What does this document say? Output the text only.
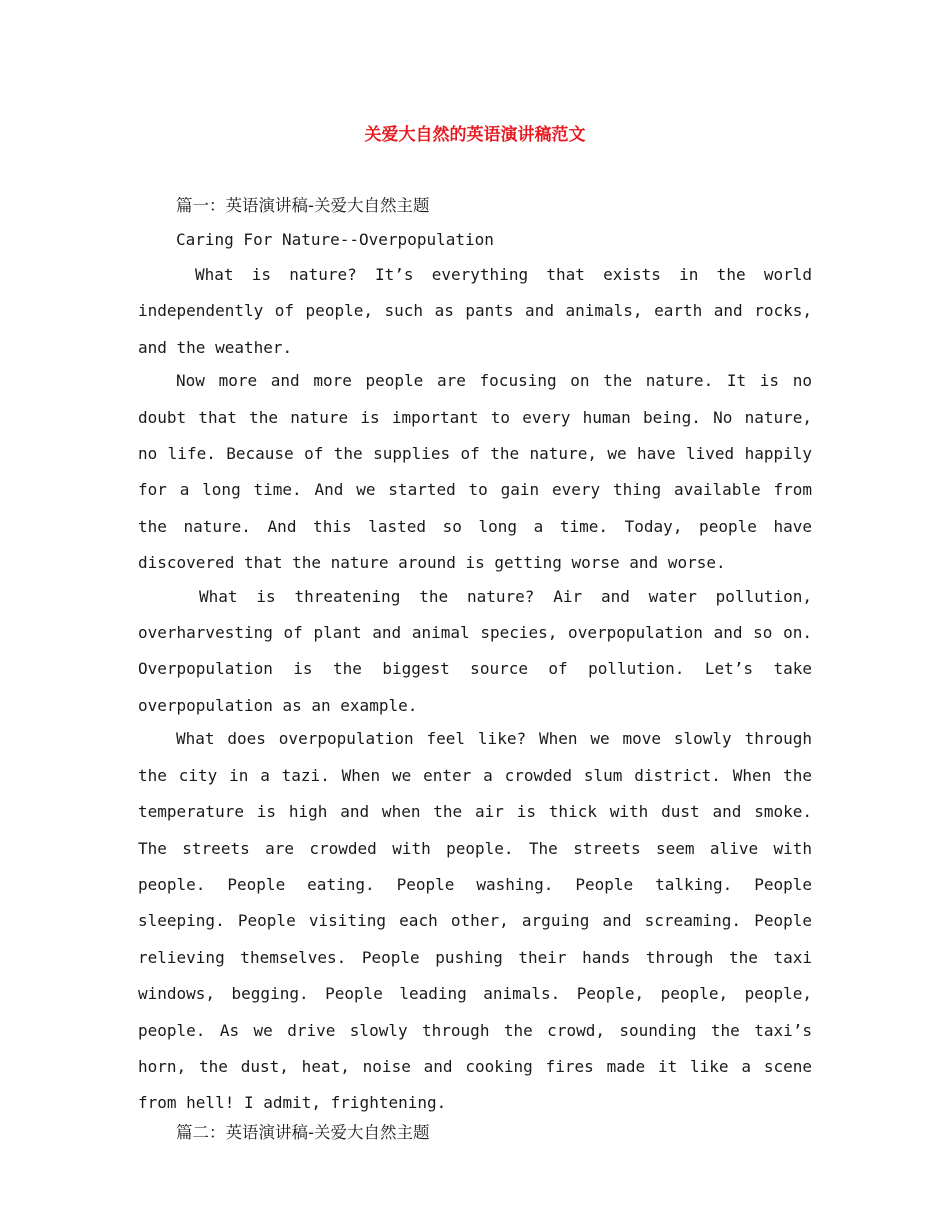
关爱大自然的英语演讲稿范文

篇一：英语演讲稿-关爱大自然主题

Caring For Nature--Overpopulation

What is nature? It’s everything that exists in the world independently of people, such as pants and animals, earth and rocks, and the weather.

Now more and more people are focusing on the nature. It is no doubt that the nature is important to every human being. No nature, no life. Because of the supplies of the nature, we have lived happily for a long time. And we started to gain every thing available from the nature. And this lasted so long a time. Today, people have discovered that the nature around is getting worse and worse.

What is threatening the nature? Air and water pollution, overharvesting of plant and animal species, overpopulation and so on. Overpopulation is the biggest source of pollution. Let’s take overpopulation as an example.

What does overpopulation feel like? When we move slowly through the city in a tazi. When we enter a crowded slum district. When the temperature is high and when the air is thick with dust and smoke. The streets are crowded with people. The streets seem alive with people. People eating. People washing. People talking. People sleeping. People visiting each other, arguing and screaming. People relieving themselves. People pushing their hands through the taxi windows, begging. People leading animals. People, people, people, people. As we drive slowly through the crowd, sounding the taxi’s horn, the dust, heat, noise and cooking fires made it like a scene from hell! I admit, frightening.

篇二：英语演讲稿-关爱大自然主题
